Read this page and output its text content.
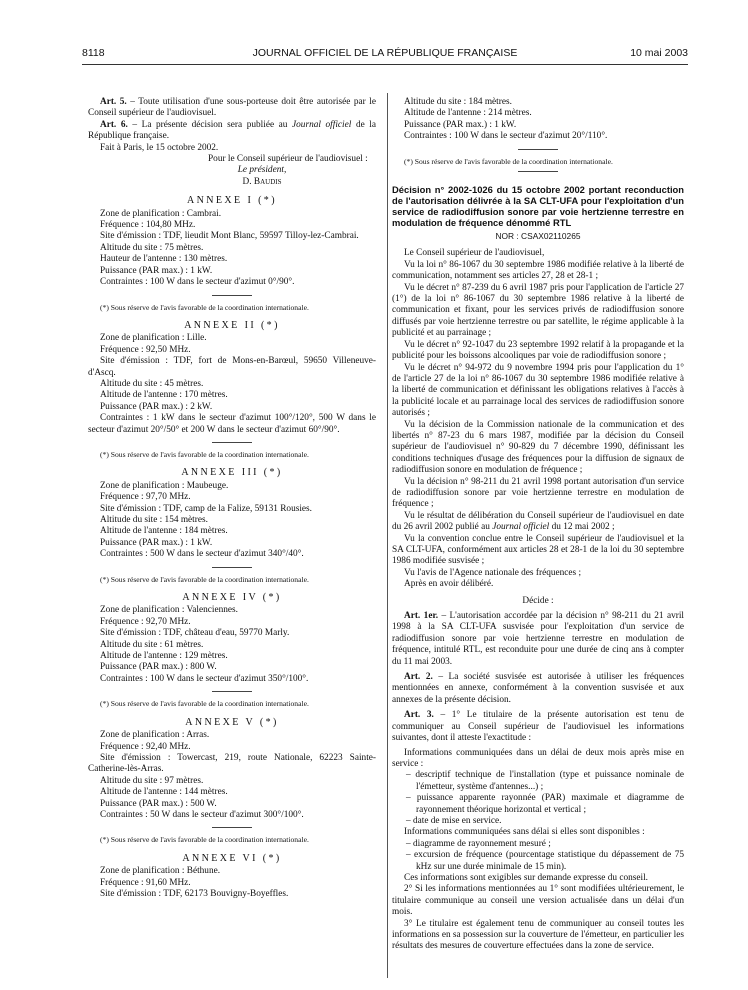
8118	JOURNAL OFFICIEL DE LA RÉPUBLIQUE FRANÇAISE	10 mai 2003

Art. 5. – Toute utilisation d'une sous-porteuse doit être autorisée par le Conseil supérieur de l'audiovisuel.

Art. 6. – La présente décision sera publiée au Journal officiel de la République française.

Fait à Paris, le 15 octobre 2002.

Pour le Conseil supérieur de l'audiovisuel :

Le président,

D. Baudis

ANNEXE I (*)

Zone de planification : Cambrai.

Fréquence : 104,80 MHz.

Site d'émission : TDF, lieudit Mont Blanc, 59597 Tilloy-lez-Cambrai.

Altitude du site : 75 mètres.

Hauteur de l'antenne : 130 mètres.

Puissance (PAR max.) : 1 kW.

Contraintes : 100 W dans le secteur d'azimut 0°/90°.

(*) Sous réserve de l'avis favorable de la coordination internationale.

ANNEXE II (*)

Zone de planification : Lille.

Fréquence : 92,50 MHz.

Site d'émission : TDF, fort de Mons-en-Barœul, 59650 Villeneuve-d'Ascq.

Altitude du site : 45 mètres.

Altitude de l'antenne : 170 mètres.

Puissance (PAR max.) : 2 kW.

Contraintes : 1 kW dans le secteur d'azimut 100°/120°, 500 W dans le secteur d'azimut 20°/50° et 200 W dans le secteur d'azimut 60°/90°.

(*) Sous réserve de l'avis favorable de la coordination internationale.

ANNEXE III (*)

Zone de planification : Maubeuge.

Fréquence : 97,70 MHz.

Site d'émission : TDF, camp de la Falize, 59131 Rousies.

Altitude du site : 154 mètres.

Altitude de l'antenne : 184 mètres.

Puissance (PAR max.) : 1 kW.

Contraintes : 500 W dans le secteur d'azimut 340°/40°.

(*) Sous réserve de l'avis favorable de la coordination internationale.

ANNEXE IV (*)

Zone de planification : Valenciennes.

Fréquence : 92,70 MHz.

Site d'émission : TDF, château d'eau, 59770 Marly.

Altitude du site : 61 mètres.

Altitude de l'antenne : 129 mètres.

Puissance (PAR max.) : 800 W.

Contraintes : 100 W dans le secteur d'azimut 350°/100°.

(*) Sous réserve de l'avis favorable de la coordination internationale.

ANNEXE V (*)

Zone de planification : Arras.

Fréquence : 92,40 MHz.

Site d'émission : Towercast, 219, route Nationale, 62223 Sainte-Catherine-lès-Arras.

Altitude du site : 97 mètres.

Altitude de l'antenne : 144 mètres.

Puissance (PAR max.) : 500 W.

Contraintes : 50 W dans le secteur d'azimut 300°/100°.

(*) Sous réserve de l'avis favorable de la coordination internationale.

ANNEXE VI (*)

Zone de planification : Béthune.

Fréquence : 91,60 MHz.

Site d'émission : TDF, 62173 Bouvigny-Boyeffles.

Altitude du site : 184 mètres.

Altitude de l'antenne : 214 mètres.

Puissance (PAR max.) : 1 kW.

Contraintes : 100 W dans le secteur d'azimut 20°/110°.

(*) Sous réserve de l'avis favorable de la coordination internationale.

Décision n° 2002-1026 du 15 octobre 2002 portant reconduction de l'autorisation délivrée à la SA CLT-UFA pour l'exploitation d'un service de radiodiffusion sonore par voie hertzienne terrestre en modulation de fréquence dénommé RTL

NOR : CSAX02110265

Le Conseil supérieur de l'audiovisuel,

Vu la loi n° 86-1067 du 30 septembre 1986 modifiée relative à la liberté de communication, notamment ses articles 27, 28 et 28-1 ;

Vu le décret n° 87-239 du 6 avril 1987 pris pour l'application de l'article 27 (1°) de la loi n° 86-1067 du 30 septembre 1986 relative à la liberté de communication et fixant, pour les services privés de radiodiffusion sonore diffusés par voie hertzienne terrestre ou par satellite, le régime applicable à la publicité et au parrainage ;

Vu le décret n° 92-1047 du 23 septembre 1992 relatif à la propagande et la publicité pour les boissons alcooliques par voie de radiodiffusion sonore ;

Vu le décret n° 94-972 du 9 novembre 1994 pris pour l'application du 1° de l'article 27 de la loi n° 86-1067 du 30 septembre 1986 modifiée relative à la liberté de communication et définissant les obligations relatives à l'accès à la publicité locale et au parrainage local des services de radiodiffusion sonore autorisés ;

Vu la décision de la Commission nationale de la communication et des libertés n° 87-23 du 6 mars 1987, modifiée par la décision du Conseil supérieur de l'audiovisuel n° 90-829 du 7 décembre 1990, définissant les conditions techniques d'usage des fréquences pour la diffusion de signaux de radiodiffusion sonore en modulation de fréquence ;

Vu la décision n° 98-211 du 21 avril 1998 portant autorisation d'un service de radiodiffusion sonore par voie hertzienne terrestre en modulation de fréquence ;

Vu le résultat de délibération du Conseil supérieur de l'audiovisuel en date du 26 avril 2002 publié au Journal officiel du 12 mai 2002 ;

Vu la convention conclue entre le Conseil supérieur de l'audiovisuel et la SA CLT-UFA, conformément aux articles 28 et 28-1 de la loi du 30 septembre 1986 modifiée susvisée ;

Vu l'avis de l'Agence nationale des fréquences ;

Après en avoir délibéré.

Décide :

Art. 1er. – L'autorisation accordée par la décision n° 98-211 du 21 avril 1998 à la SA CLT-UFA susvisée pour l'exploitation d'un service de radiodiffusion sonore par voie hertzienne terrestre en modulation de fréquence, intitulé RTL, est reconduite pour une durée de cinq ans à compter du 11 mai 2003.

Art. 2. – La société susvisée est autorisée à utiliser les fréquences mentionnées en annexe, conformément à la convention susvisée et aux annexes de la présente décision.

Art. 3. – 1° Le titulaire de la présente autorisation est tenu de communiquer au Conseil supérieur de l'audiovisuel les informations suivantes, dont il atteste l'exactitude :

Informations communiquées dans un délai de deux mois après mise en service :

– descriptif technique de l'installation (type et puissance nominale de l'émetteur, système d'antennes...) ;

– puissance apparente rayonnée (PAR) maximale et diagramme de rayonnement théorique horizontal et vertical ;

– date de mise en service.

Informations communiquées sans délai si elles sont disponibles :

– diagramme de rayonnement mesuré ;

– excursion de fréquence (pourcentage statistique du dépassement de 75 kHz sur une durée minimale de 15 min).

Ces informations sont exigibles sur demande expresse du conseil.

2° Si les informations mentionnées au 1° sont modifiées ultérieurement, le titulaire communique au conseil une version actualisée dans un délai d'un mois.

3° Le titulaire est également tenu de communiquer au conseil toutes les informations en sa possession sur la couverture de l'émetteur, en particulier les résultats des mesures de couverture effectuées dans la zone de service.
